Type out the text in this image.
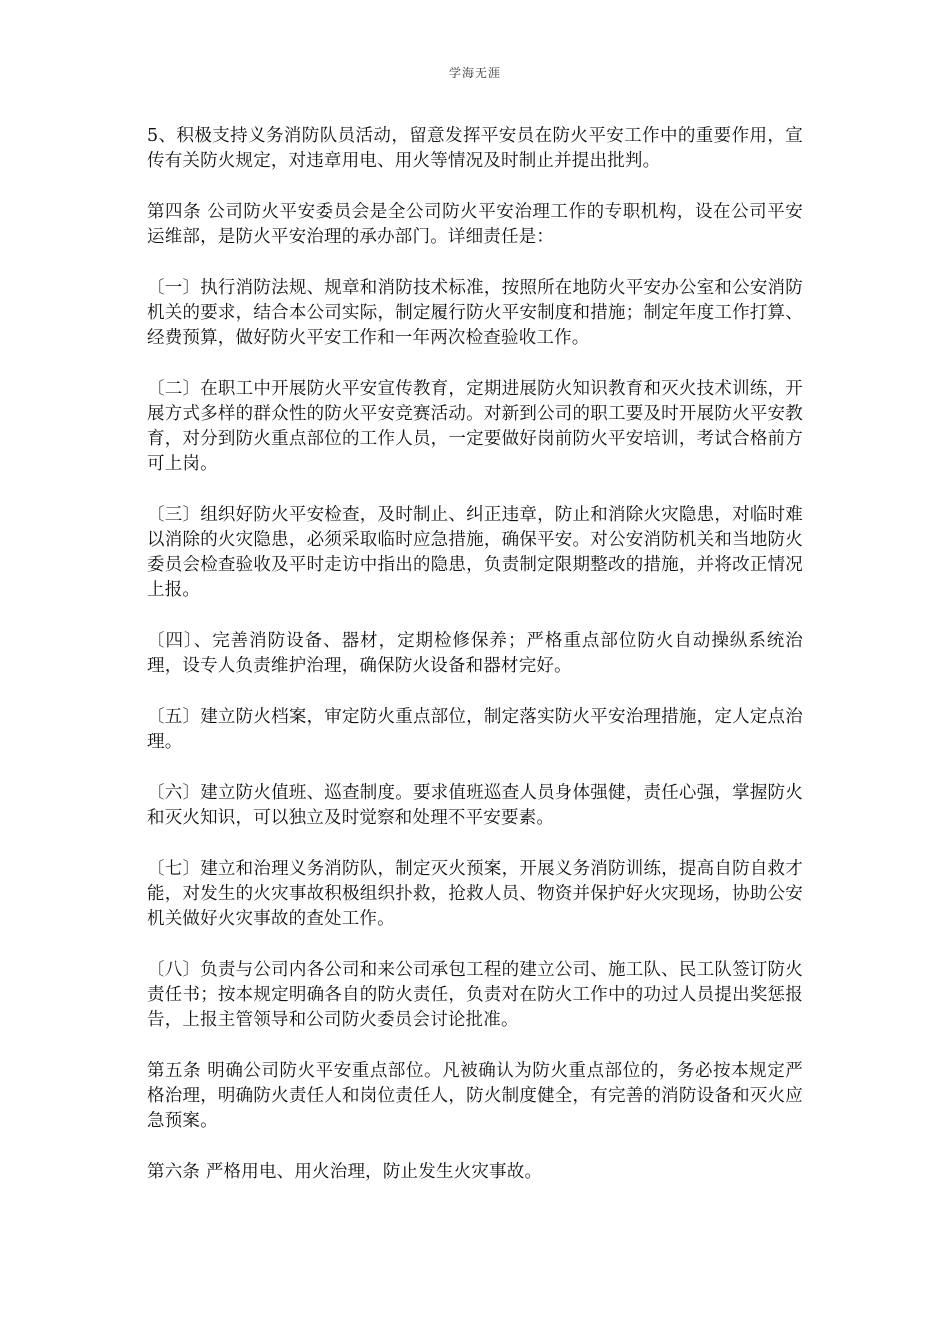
学海无涯

5、积极支持义务消防队员活动，留意发挥平安员在防火平安工作中的重要作用，宣传有关防火规定，对违章用电、用火等情况及时制止并提出批判。

第四条 公司防火平安委员会是全公司防火平安治理工作的专职机构，设在公司平安运维部，是防火平安治理的承办部门。详细责任是：

〔一〕执行消防法规、规章和消防技术标准，按照所在地防火平安办公室和公安消防机关的要求，结合本公司实际，制定履行防火平安制度和措施；制定年度工作打算、经费预算，做好防火平安工作和一年两次检查验收工作。

〔二〕在职工中开展防火平安宣传教育，定期进展防火知识教育和灭火技术训练，开展方式多样的群众性的防火平安竞赛活动。对新到公司的职工要及时开展防火平安教育，对分到防火重点部位的工作人员，一定要做好岗前防火平安培训，考试合格前方可上岗。

〔三〕组织好防火平安检查，及时制止、纠正违章，防止和消除火灾隐患，对临时难以消除的火灾隐患，必须采取临时应急措施，确保平安。对公安消防机关和当地防火委员会检查验收及平时走访中指出的隐患，负责制定限期整改的措施，并将改正情况上报。

〔四〕、完善消防设备、器材，定期检修保养；严格重点部位防火自动操纵系统治理，设专人负责维护治理，确保防火设备和器材完好。

〔五〕建立防火档案，审定防火重点部位，制定落实防火平安治理措施，定人定点治理。

〔六〕建立防火值班、巡查制度。要求值班巡查人员身体强健，责任心强，掌握防火和灭火知识，可以独立及时觉察和处理不平安要素。

〔七〕建立和治理义务消防队，制定灭火预案，开展义务消防训练，提高自防自救才能，对发生的火灾事故积极组织扑救，抢救人员、物资并保护好火灾现场，协助公安机关做好火灾事故的查处工作。

〔八〕负责与公司内各公司和来公司承包工程的建立公司、施工队、民工队签订防火责任书；按本规定明确各自的防火责任，负责对在防火工作中的功过人员提出奖惩报告，上报主管领导和公司防火委员会讨论批准。

第五条 明确公司防火平安重点部位。凡被确认为防火重点部位的，务必按本规定严格治理，明确防火责任人和岗位责任人，防火制度健全，有完善的消防设备和灭火应急预案。

第六条 严格用电、用火治理，防止发生火灾事故。
